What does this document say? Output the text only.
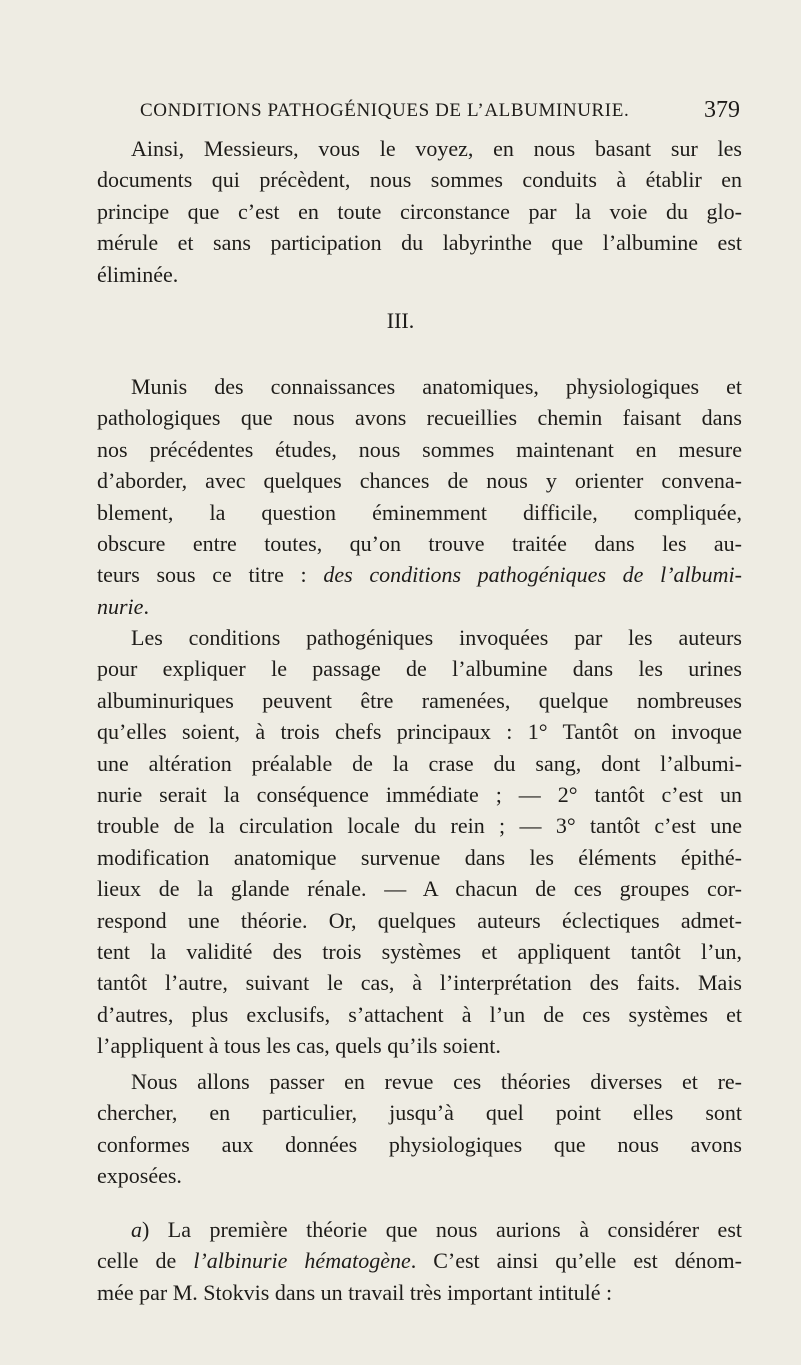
CONDITIONS PATHOGÉNIQUES DE L’ALBUMINURIE.	379
Ainsi, Messieurs, vous le voyez, en nous basant sur les
documents qui précèdent, nous sommes conduits à établir en
principe que c’est en toute circonstance par la voie du glo-
mérule et sans participation du labyrinthe que l’albumine est
éliminée.
III.
Munis des connaissances anatomiques, physiologiques et
pathologiques que nous avons recueillies chemin faisant dans
nos précédentes études, nous sommes maintenant en mesure
d’aborder, avec quelques chances de nous y orienter convena-
blement, la question éminemment difficile, compliquée,
obscure entre toutes, qu’on trouve traitée dans les au-
teurs sous ce titre : des conditions pathogéniques de l’albumi-
nurie.
Les conditions pathogéniques invoquées par les auteurs
pour expliquer le passage de l’albumine dans les urines
albuminuriques peuvent être ramenées, quelque nombreuses
qu’elles soient, à trois chefs principaux : 1° Tantôt on invoque
une altération préalable de la crase du sang, dont l’albumi-
nurie serait la conséquence immédiate ; — 2° tantôt c’est un
trouble de la circulation locale du rein ; — 3° tantôt c’est une
modification anatomique survenue dans les éléments épithé-
lieux de la glande rénale. — A chacun de ces groupes cor-
respond une théorie. Or, quelques auteurs éclectiques admet-
tent la validité des trois systèmes et appliquent tantôt l’un,
tantôt l’autre, suivant le cas, à l’interprétation des faits. Mais
d’autres, plus exclusifs, s’attachent à l’un de ces systèmes et
l’appliquent à tous les cas, quels qu’ils soient.
Nous allons passer en revue ces théories diverses et re-
chercher, en particulier, jusqu’à quel point elles sont
conformes aux données physiologiques que nous avons
exposées.
a) La première théorie que nous aurions à considérer est
celle de l’albinurie hématogène. C’est ainsi qu’elle est dénom-
mée par M. Stokvis dans un travail très important intitulé :
